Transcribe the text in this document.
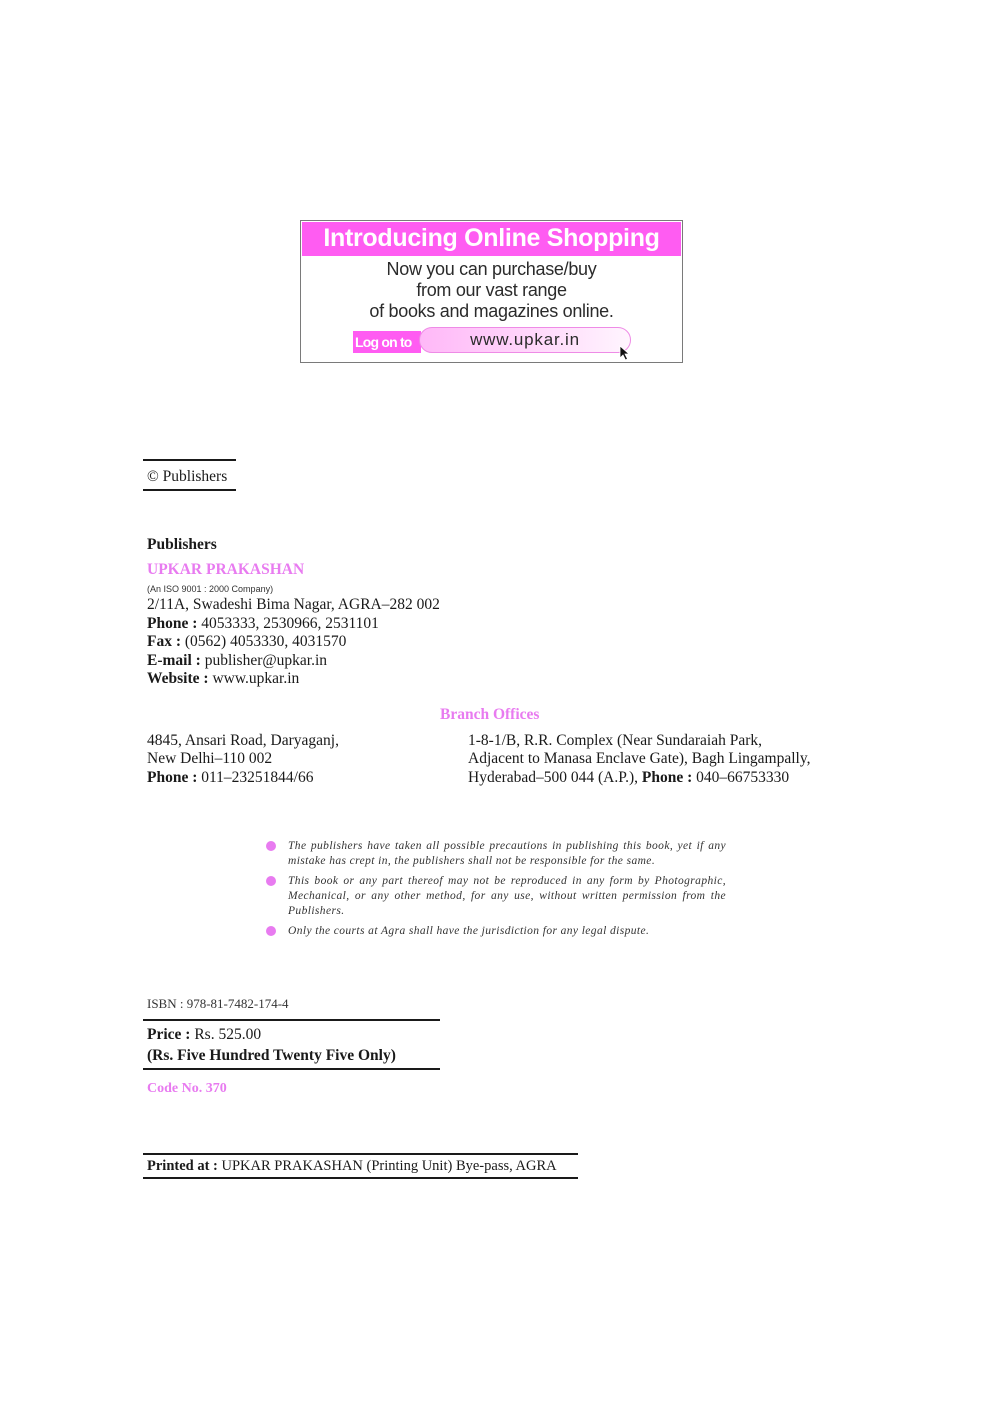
Introducing Online Shopping
Now you can purchase/buy
from our vast range
of books and magazines online.
Log on to	www.upkar.in
© Publishers
Publishers
UPKAR PRAKASHAN
(An ISO 9001 : 2000 Company)
2/11A, Swadeshi Bima Nagar, AGRA–282 002
Phone : 4053333, 2530966, 2531101
Fax : (0562) 4053330, 4031570
E-mail : publisher@upkar.in
Website : www.upkar.in
Branch Offices
4845, Ansari Road, Daryaganj,
New Delhi–110 002
Phone : 011–23251844/66
1-8-1/B, R.R. Complex (Near Sundaraiah Park,
Adjacent to Manasa Enclave Gate), Bagh Lingampally,
Hyderabad–500 044 (A.P.), Phone : 040–66753330
The publishers have taken all possible precautions in publishing this book, yet if any mistake has crept in, the publishers shall not be responsible for the same.
This book or any part thereof may not be reproduced in any form by Photographic, Mechanical, or any other method, for any use, without written permission from the Publishers.
Only the courts at Agra shall have the jurisdiction for any legal dispute.
ISBN : 978-81-7482-174-4
Price : Rs. 525.00
(Rs. Five Hundred Twenty Five Only)
Code No. 370
Printed at : UPKAR PRAKASHAN (Printing Unit) Bye-pass, AGRA
